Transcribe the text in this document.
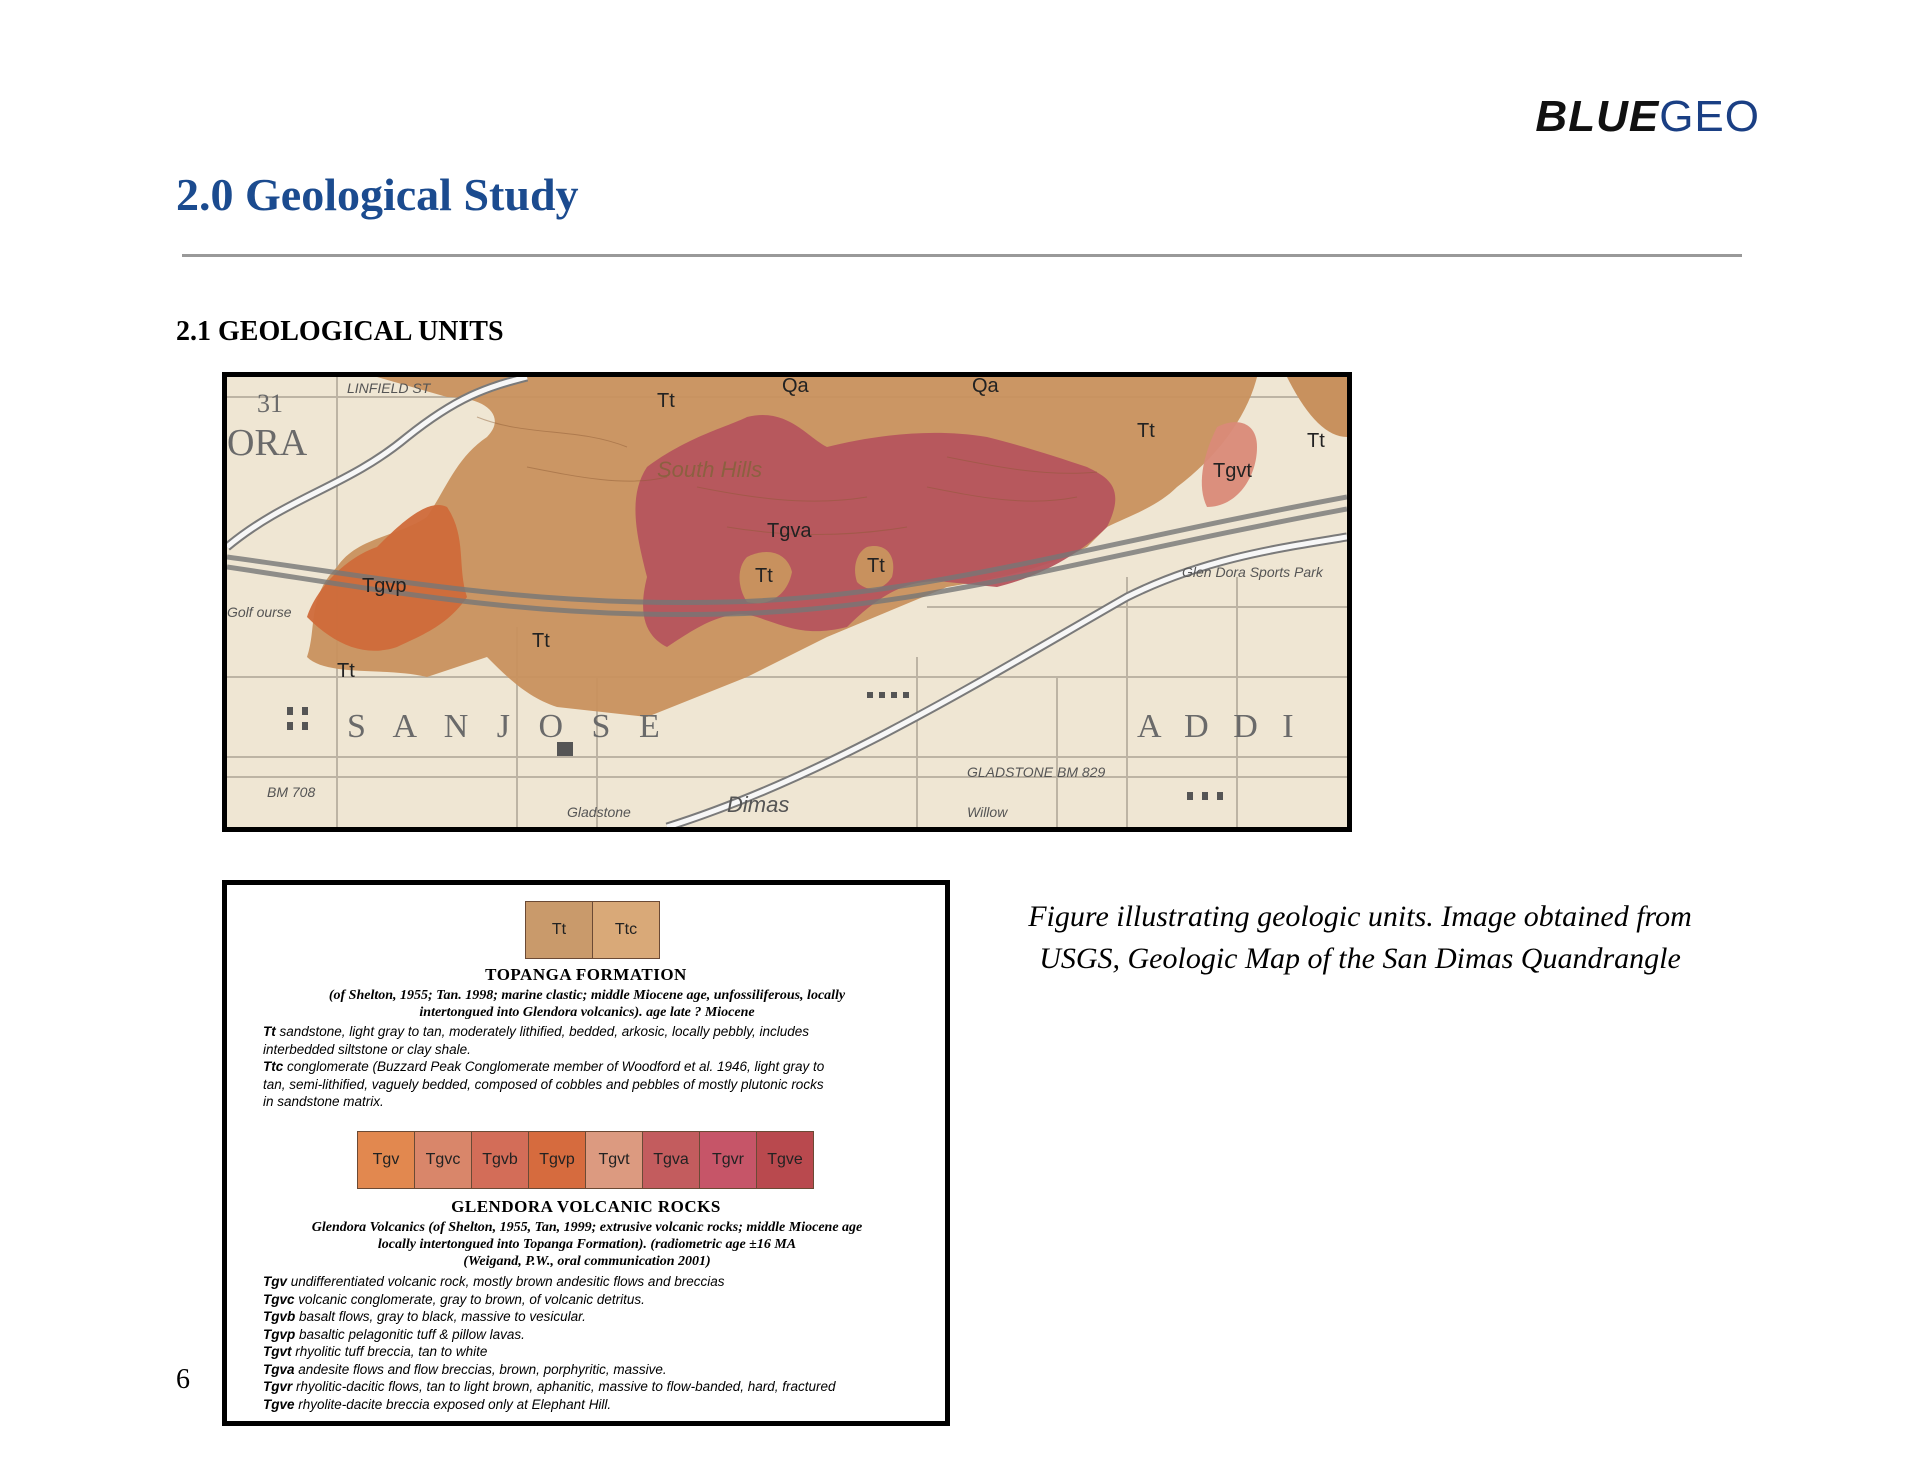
BLUEGEO
2.0 Geological Study
2.1 GEOLOGICAL UNITS
Tgvp
Tgva
Tgvt
Tt
Tt
Tt
Tt
Tt	Tt
Tt
Qa	Qa
S A N J O S E	A D D I
ORA
31
GLADSTONE BM 829
Gladstone	Dimas	Willow
BM 708
LINFIELD ST
South Hills
Glen Dora Sports Park
Golf ourse
Tt	Ttc
TOPANGA FORMATION
(of Shelton, 1955; Tan. 1998; marine clastic; middle Miocene age, unfossiliferous, locally
intertongued into Glendora volcanics). age late ? Miocene
Tt sandstone, light gray to tan, moderately lithified, bedded, arkosic, locally pebbly, includes
interbedded siltstone or clay shale.
Ttc conglomerate (Buzzard Peak Conglomerate member of Woodford et al. 1946, light gray to
tan, semi-lithified, vaguely bedded, composed of cobbles and pebbles of mostly plutonic rocks
in sandstone matrix.
Tgv	Tgvc	Tgvb	Tgvp	Tgvt	Tgva	Tgvr	Tgve
GLENDORA VOLCANIC ROCKS
Glendora Volcanics (of Shelton, 1955, Tan, 1999; extrusive volcanic rocks; middle Miocene age
locally intertongued into Topanga Formation). (radiometric age ±16 MA
(Weigand, P.W., oral communication 2001)
Tgv undifferentiated volcanic rock, mostly brown andesitic flows and breccias
Tgvc volcanic conglomerate, gray to brown, of volcanic detritus.
Tgvb basalt flows, gray to black, massive to vesicular.
Tgvp basaltic pelagonitic tuff & pillow lavas.
Tgvt rhyolitic tuff breccia, tan to white
Tgva andesite flows and flow breccias, brown, porphyritic, massive.
Tgvr rhyolitic-dacitic flows, tan to light brown, aphanitic, massive to flow-banded, hard, fractured
Tgve rhyolite-dacite breccia exposed only at Elephant Hill.
Figure illustrating geologic units. Image obtained from
USGS, Geologic Map of the San Dimas Quandrangle
6
